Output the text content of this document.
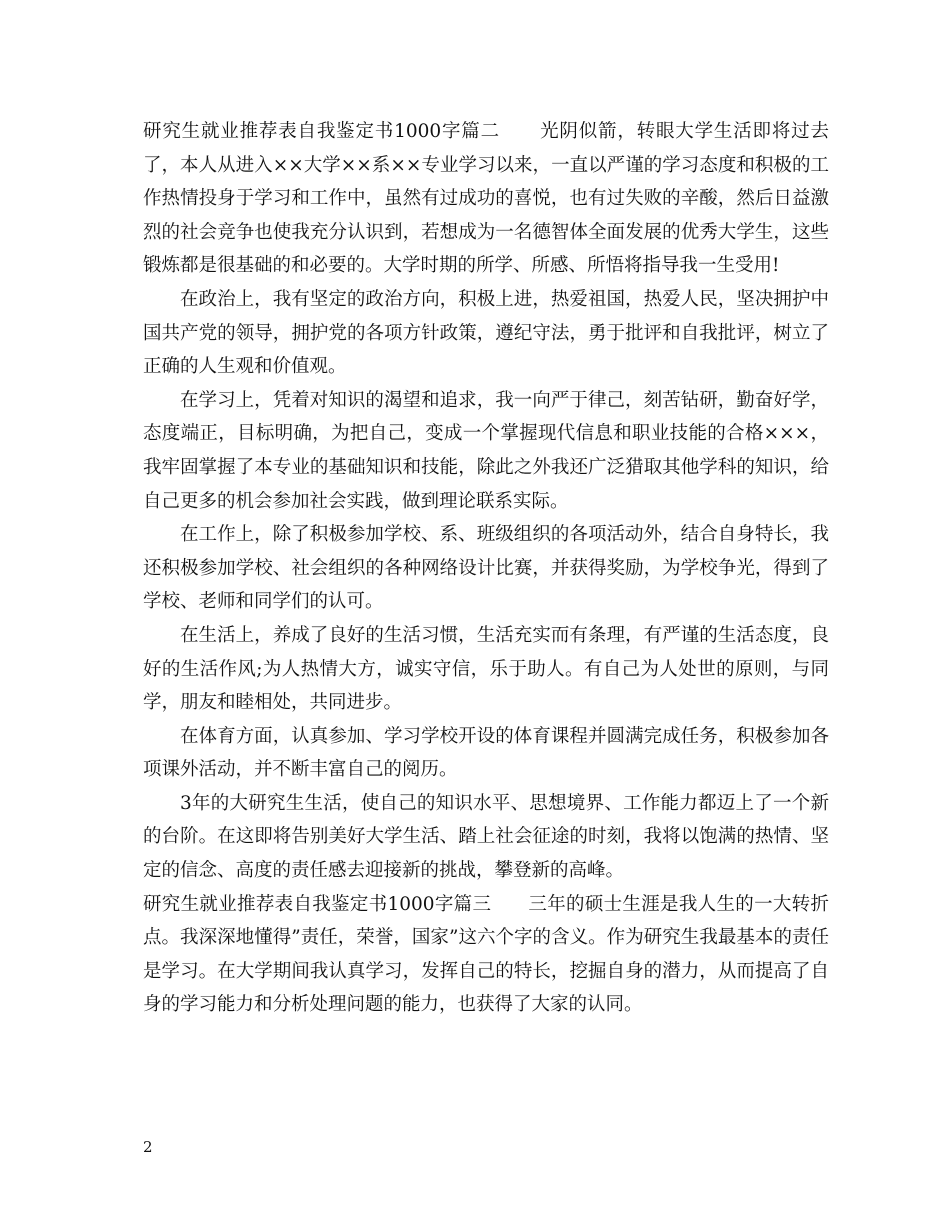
研究生就业推荐表自我鉴定书1000字篇二 光阴似箭，转眼大学生活即将过去了，本人从进入××大学××系××专业学习以来，一直以严谨的学习态度和积极的工作热情投身于学习和工作中，虽然有过成功的喜悦，也有过失败的辛酸，然后日益激烈的社会竞争也使我充分认识到，若想成为一名德智体全面发展的优秀大学生，这些锻炼都是很基础的和必要的。大学时期的所学、所感、所悟将指导我一生受用!

在政治上，我有坚定的政治方向，积极上进，热爱祖国，热爱人民，坚决拥护中国共产党的领导，拥护党的各项方针政策，遵纪守法，勇于批评和自我批评，树立了正确的人生观和价值观。

在学习上，凭着对知识的渴望和追求，我一向严于律己，刻苦钻研，勤奋好学，态度端正，目标明确，为把自己，变成一个掌握现代信息和职业技能的合格×××，我牢固掌握了本专业的基础知识和技能，除此之外我还广泛猎取其他学科的知识，给自己更多的机会参加社会实践，做到理论联系实际。

在工作上，除了积极参加学校、系、班级组织的各项活动外，结合自身特长，我还积极参加学校、社会组织的各种网络设计比赛，并获得奖励，为学校争光，得到了学校、老师和同学们的认可。

在生活上，养成了良好的生活习惯，生活充实而有条理，有严谨的生活态度，良好的生活作风;为人热情大方，诚实守信，乐于助人。有自己为人处世的原则，与同学，朋友和睦相处，共同进步。

在体育方面，认真参加、学习学校开设的体育课程并圆满完成任务，积极参加各项课外活动，并不断丰富自己的阅历。

3年的大研究生生活，使自己的知识水平、思想境界、工作能力都迈上了一个新的台阶。在这即将告别美好大学生活、踏上社会征途的时刻，我将以饱满的热情、坚定的信念、高度的责任感去迎接新的挑战，攀登新的高峰。

研究生就业推荐表自我鉴定书1000字篇三 三年的硕士生涯是我人生的一大转折点。我深深地懂得”责任，荣誉，国家”这六个字的含义。作为研究生我最基本的责任是学习。在大学期间我认真学习，发挥自己的特长，挖掘自身的潜力，从而提高了自身的学习能力和分析处理问题的能力，也获得了大家的认同。

2
